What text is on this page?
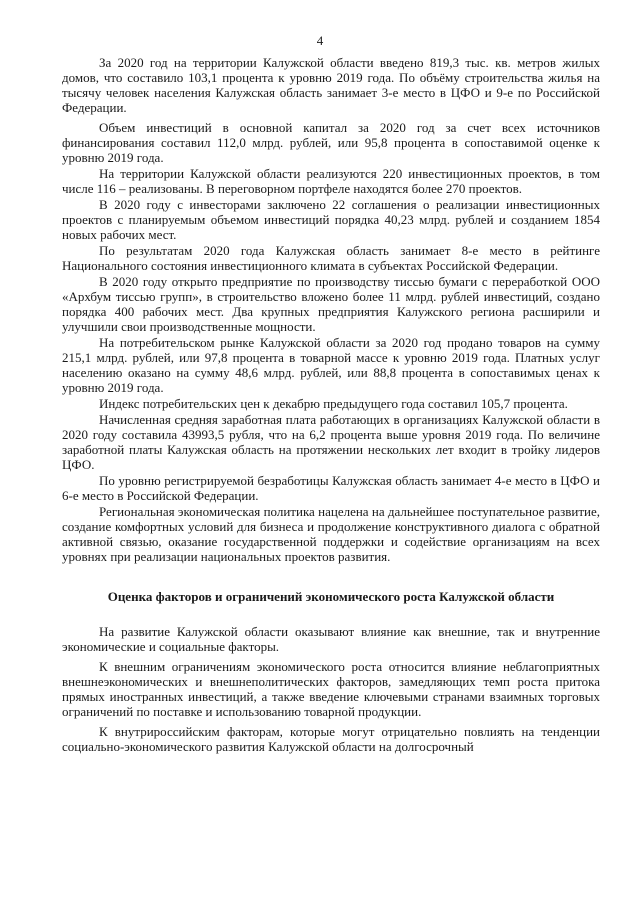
4

За 2020 год на территории Калужской области введено 819,3 тыс. кв. метров жилых домов, что составило 103,1 процента к уровню 2019 года. По объёму строительства жилья на тысячу человек населения Калужская область занимает 3-е место в ЦФО и 9-е по Российской Федерации.

Объем инвестиций в основной капитал за 2020 год за счет всех источников финансирования составил 112,0 млрд. рублей, или 95,8 процента в сопоставимой оценке к уровню 2019 года.

На территории Калужской области реализуются 220 инвестиционных проектов, в том числе 116 – реализованы. В переговорном портфеле находятся более 270 проектов.

В 2020 году с инвесторами заключено 22 соглашения о реализации инвестиционных проектов с планируемым объемом инвестиций порядка 40,23 млрд. рублей и созданием 1854 новых рабочих мест.

По результатам 2020 года Калужская область занимает 8-е место в рейтинге Национального состояния инвестиционного климата в субъектах Российской Федерации.

В 2020 году открыто предприятие по производству тиссью бумаги с переработкой ООО «Архбум тиссью групп», в строительство вложено более 11 млрд. рублей инвестиций, создано порядка 400 рабочих мест. Два крупных предприятия Калужского региона расширили и улучшили свои производственные мощности.

На потребительском рынке Калужской области за 2020 год продано товаров на сумму 215,1 млрд. рублей, или 97,8 процента в товарной массе к уровню 2019 года. Платных услуг населению оказано на сумму 48,6 млрд. рублей, или 88,8 процента в сопоставимых ценах к уровню 2019 года.

Индекс потребительских цен к декабрю предыдущего года составил 105,7 процента.

Начисленная средняя заработная плата работающих в организациях Калужской области в 2020 году составила 43993,5 рубля, что на 6,2 процента выше уровня 2019 года. По величине заработной платы Калужская область на протяжении нескольких лет входит в тройку лидеров ЦФО.

По уровню регистрируемой безработицы Калужская область занимает 4-е место в ЦФО и 6-е место в Российской Федерации.

Региональная экономическая политика нацелена на дальнейшее поступательное развитие, создание комфортных условий для бизнеса и продолжение конструктивного диалога с обратной активной связью, оказание государственной поддержки и содействие организациям на всех уровнях при реализации национальных проектов развития.

Оценка факторов и ограничений экономического роста Калужской области

На развитие Калужской области оказывают влияние как внешние, так и внутренние экономические и социальные факторы.

К внешним ограничениям экономического роста относится влияние неблагоприятных внешнеэкономических и внешнеполитических факторов, замедляющих темп роста притока прямых иностранных инвестиций, а также введение ключевыми странами взаимных торговых ограничений по поставке и использованию товарной продукции.

К внутрироссийским факторам, которые могут отрицательно повлиять на тенденции социально-экономического развития Калужской области на долгосрочный
